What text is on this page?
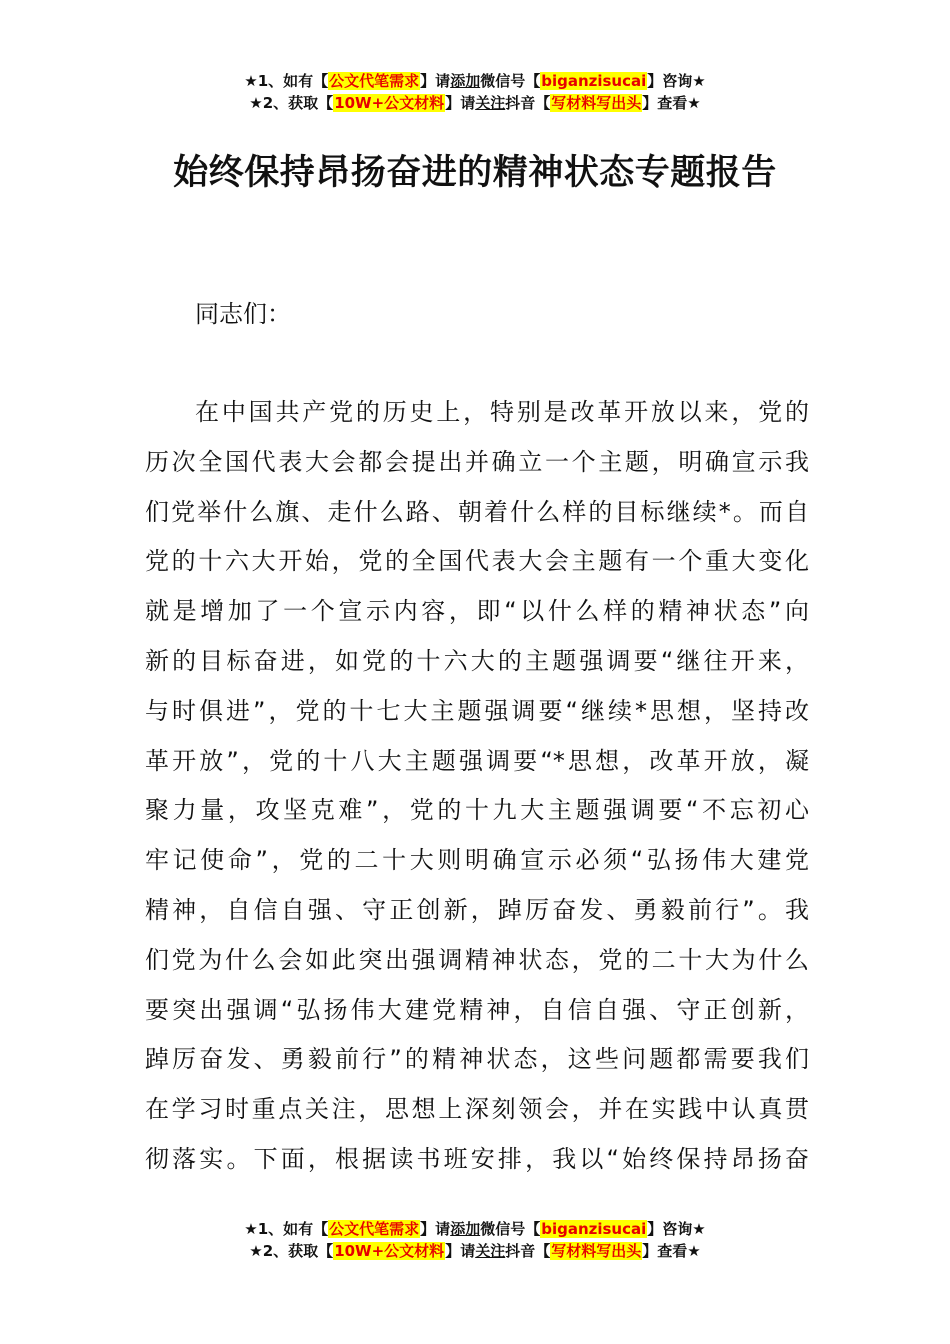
★1、如有【公文代笔需求】请添加微信号【biganzisucai】咨询★
★2、获取【10W+公文材料】请关注抖音【写材料写出头】查看★
始终保持昂扬奋进的精神状态专题报告
同志们：
在中国共产党的历史上，特别是改革开放以来，党的
历次全国代表大会都会提出并确立一个主题，明确宣示我
们党举什么旗、走什么路、朝着什么样的目标继续*。而自
党的十六大开始，党的全国代表大会主题有一个重大变化
就是增加了一个宣示内容，即“以什么样的精神状态”向
新的目标奋进，如党的十六大的主题强调要“继往开来，
与时俱进”，党的十七大主题强调要“继续*思想，坚持改
革开放”，党的十八大主题强调要“*思想，改革开放，凝
聚力量，攻坚克难”，党的十九大主题强调要“不忘初心
牢记使命”，党的二十大则明确宣示必须“弘扬伟大建党
精神，自信自强、守正创新，踔厉奋发、勇毅前行”。我
们党为什么会如此突出强调精神状态，党的二十大为什么
要突出强调“弘扬伟大建党精神，自信自强、守正创新，
踔厉奋发、勇毅前行”的精神状态，这些问题都需要我们
在学习时重点关注，思想上深刻领会，并在实践中认真贯
彻落实。下面，根据读书班安排，我以“始终保持昂扬奋
★1、如有【公文代笔需求】请添加微信号【biganzisucai】咨询★
★2、获取【10W+公文材料】请关注抖音【写材料写出头】查看★
